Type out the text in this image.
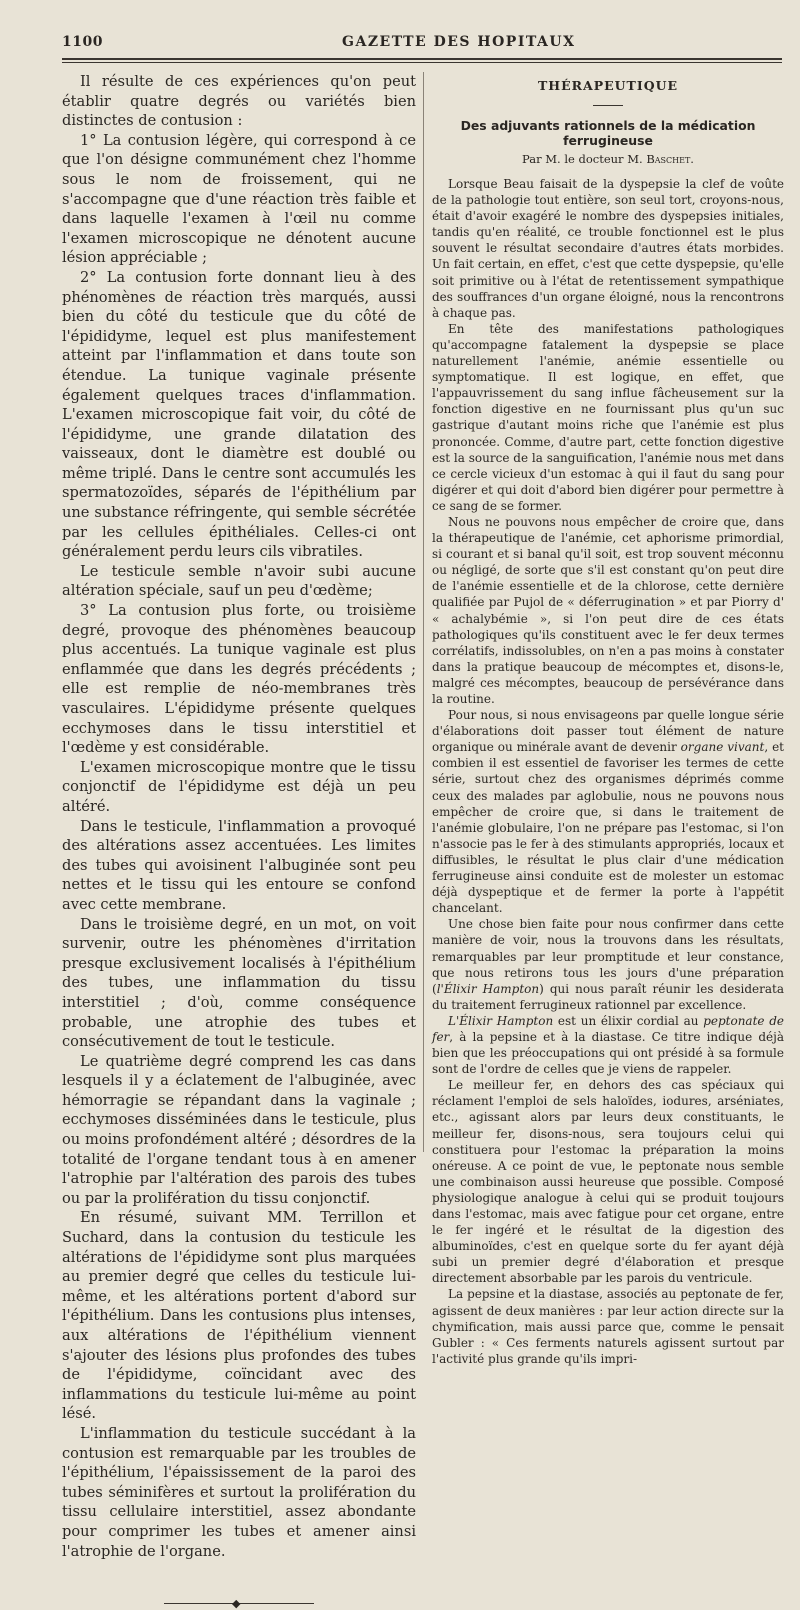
1100	GAZETTE DES HOPITAUX

Il résulte de ces expériences qu'on peut établir quatre degrés ou variétés bien distinctes de contusion :

1° La contusion légère, qui correspond à ce que l'on désigne communément chez l'homme sous le nom de froissement, qui ne s'accompagne que d'une réaction très faible et dans laquelle l'examen à l'œil nu comme l'examen microscopique ne dénotent aucune lésion appréciable ;

2° La contusion forte donnant lieu à des phénomènes de réaction très marqués, aussi bien du côté du testicule que du côté de l'épididyme, lequel est plus manifestement atteint par l'inflammation et dans toute son étendue. La tunique vaginale présente également quelques traces d'inflammation. L'examen microscopique fait voir, du côté de l'épididyme, une grande dilatation des vaisseaux, dont le diamètre est doublé ou même triplé. Dans le centre sont accumulés les spermatozoïdes, séparés de l'épithélium par une substance réfringente, qui semble sécrétée par les cellules épithéliales. Celles-ci ont généralement perdu leurs cils vibratiles.

Le testicule semble n'avoir subi aucune altération spéciale, sauf un peu d'œdème;

3° La contusion plus forte, ou troisième degré, provoque des phénomènes beaucoup plus accentués. La tunique vaginale est plus enflammée que dans les degrés précédents ; elle est remplie de néo-membranes très vasculaires. L'épididyme présente quelques ecchymoses dans le tissu interstitiel et l'œdème y est considérable.

L'examen microscopique montre que le tissu conjonctif de l'épididyme est déjà un peu altéré.

Dans le testicule, l'inflammation a provoqué des altérations assez accentuées. Les limites des tubes qui avoisinent l'albuginée sont peu nettes et le tissu qui les entoure se confond avec cette membrane.

Dans le troisième degré, en un mot, on voit survenir, outre les phénomènes d'irritation presque exclusivement localisés à l'épithélium des tubes, une inflammation du tissu interstitiel ; d'où, comme conséquence probable, une atrophie des tubes et consécutivement de tout le testicule.

Le quatrième degré comprend les cas dans lesquels il y a éclatement de l'albuginée, avec hémorragie se répandant dans la vaginale ; ecchymoses disséminées dans le testicule, plus ou moins profondément altéré ; désordres de la totalité de l'organe tendant tous à en amener l'atrophie par l'altération des parois des tubes ou par la prolifération du tissu conjonctif.

En résumé, suivant MM. Terrillon et Suchard, dans la contusion du testicule les altérations de l'épididyme sont plus marquées au premier degré que celles du testicule lui-même, et les altérations portent d'abord sur l'épithélium. Dans les contusions plus intenses, aux altérations de l'épithélium viennent s'ajouter des lésions plus profondes des tubes de l'épididyme, coïncidant avec des inflammations du testicule lui-même au point lésé.

L'inflammation du testicule succédant à la contusion est remarquable par les troubles de l'épithélium, l'épaississement de la paroi des tubes séminifères et surtout la prolifération du tissu cellulaire interstitiel, assez abondante pour comprimer les tubes et amener ainsi l'atrophie de l'organe.

◆
THÉRAPEUTIQUE
Des adjuvants rationnels de la médication ferrugineuse
Par M. le docteur M. Baschet.

Lorsque Beau faisait de la dyspepsie la clef de voûte de la pathologie tout entière, son seul tort, croyons-nous, était d'avoir exagéré le nombre des dyspepsies initiales, tandis qu'en réalité, ce trouble fonctionnel est le plus souvent le résultat secondaire d'autres états morbides. Un fait certain, en effet, c'est que cette dyspepsie, qu'elle soit primitive ou à l'état de retentissement sympathique des souffrances d'un organe éloigné, nous la rencontrons à chaque pas.

En tête des manifestations pathologiques qu'accompagne fatalement la dyspepsie se place naturellement l'anémie, anémie essentielle ou symptomatique. Il est logique, en effet, que l'appauvrissement du sang influe fâcheusement sur la fonction digestive en ne fournissant plus qu'un suc gastrique d'autant moins riche que l'anémie est plus prononcée. Comme, d'autre part, cette fonction digestive est la source de la sanguification, l'anémie nous met dans ce cercle vicieux d'un estomac à qui il faut du sang pour digérer et qui doit d'abord bien digérer pour permettre à ce sang de se former.

Nous ne pouvons nous empêcher de croire que, dans la thérapeutique de l'anémie, cet aphorisme primordial, si courant et si banal qu'il soit, est trop souvent méconnu ou négligé, de sorte que s'il est constant qu'on peut dire de l'anémie essentielle et de la chlorose, cette dernière qualifiée par Pujol de « déferrugination » et par Piorry d' « achalybémie », si l'on peut dire de ces états pathologiques qu'ils constituent avec le fer deux termes corrélatifs, indissolubles, on n'en a pas moins à constater dans la pratique beaucoup de mécomptes et, disons-le, malgré ces mécomptes, beaucoup de persévérance dans la routine.

Pour nous, si nous envisageons par quelle longue série d'élaborations doit passer tout élément de nature organique ou minérale avant de devenir organe vivant, et combien il est essentiel de favoriser les termes de cette série, surtout chez des organismes déprimés comme ceux des malades par aglobulie, nous ne pouvons nous empêcher de croire que, si dans le traitement de l'anémie globulaire, l'on ne prépare pas l'estomac, si l'on n'associe pas le fer à des stimulants appropriés, locaux et diffusibles, le résultat le plus clair d'une médication ferrugineuse ainsi conduite est de molester un estomac déjà dyspeptique et de fermer la porte à l'appétit chancelant.

Une chose bien faite pour nous confirmer dans cette manière de voir, nous la trouvons dans les résultats, remarquables par leur promptitude et leur constance, que nous retirons tous les jours d'une préparation (l'Élixir Hampton) qui nous paraît réunir les desiderata du traitement ferrugineux rationnel par excellence.

L'Élixir Hampton est un élixir cordial au peptonate de fer, à la pepsine et à la diastase. Ce titre indique déjà bien que les préoccupations qui ont présidé à sa formule sont de l'ordre de celles que je viens de rappeler.

Le meilleur fer, en dehors des cas spéciaux qui réclament l'emploi de sels haloïdes, iodures, arséniates, etc., agissant alors par leurs deux constituants, le meilleur fer, disons-nous, sera toujours celui qui constituera pour l'estomac la préparation la moins onéreuse. A ce point de vue, le peptonate nous semble une combinaison aussi heureuse que possible. Composé physiologique analogue à celui qui se produit toujours dans l'estomac, mais avec fatigue pour cet organe, entre le fer ingéré et le résultat de la digestion des albuminoïdes, c'est en quelque sorte du fer ayant déjà subi un premier degré d'élaboration et presque directement absorbable par les parois du ventricule.

La pepsine et la diastase, associés au peptonate de fer, agissent de deux manières : par leur action directe sur la chymification, mais aussi parce que, comme le pensait Gubler : « Ces ferments naturels agissent surtout par l'activité plus grande qu'ils impri-
